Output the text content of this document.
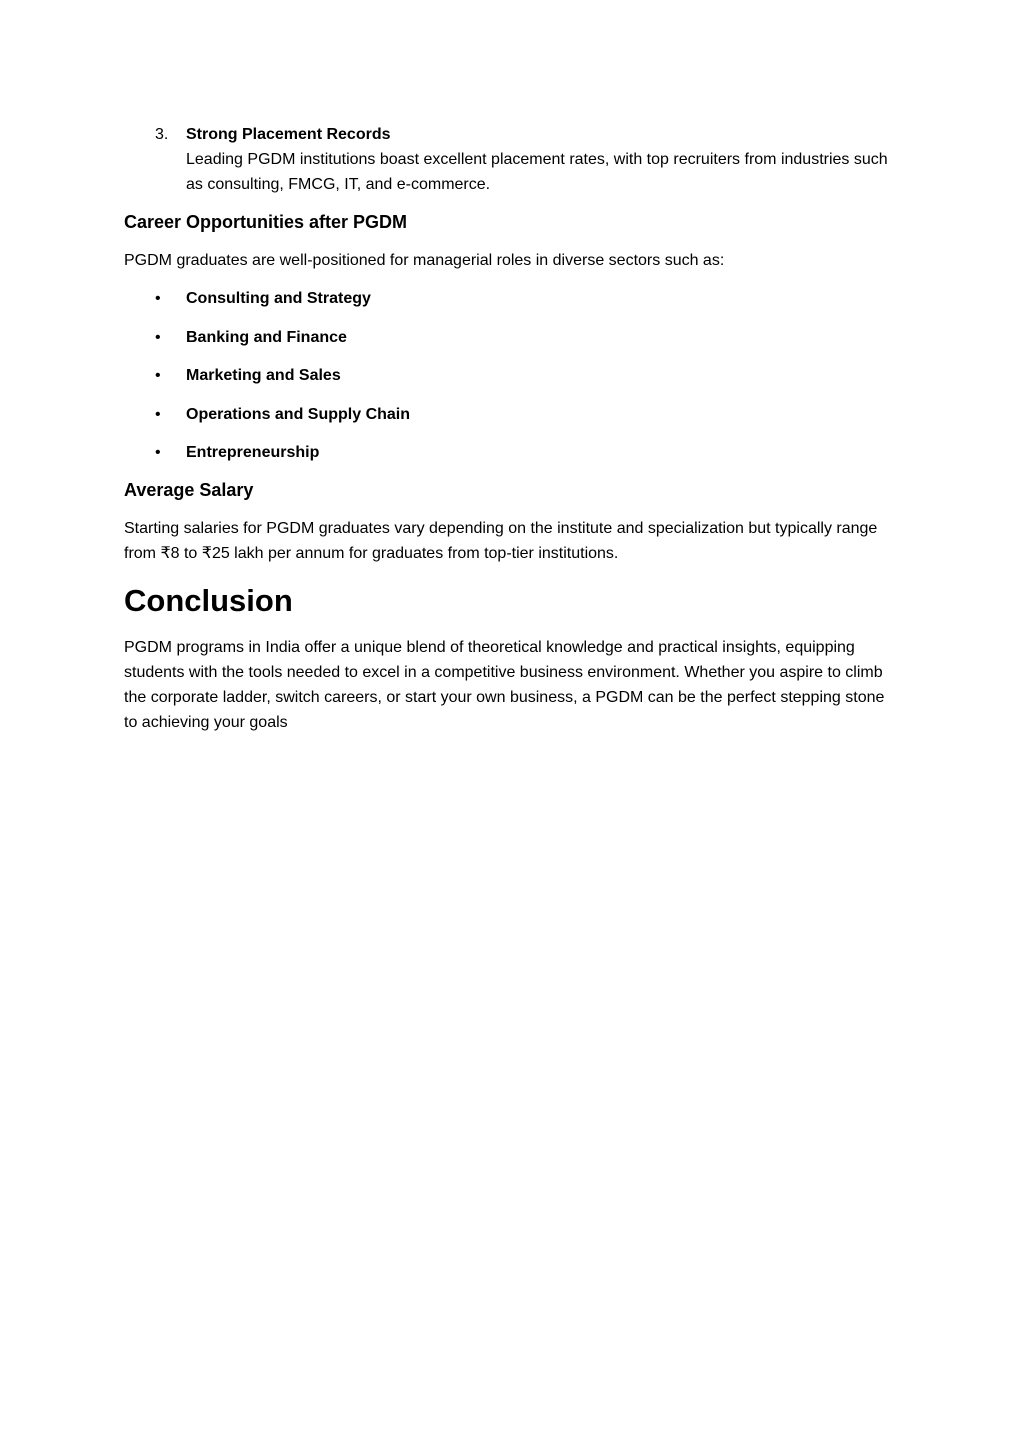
3. Strong Placement Records
Leading PGDM institutions boast excellent placement rates, with top recruiters from industries such as consulting, FMCG, IT, and e-commerce.
Career Opportunities after PGDM

PGDM graduates are well-positioned for managerial roles in diverse sectors such as:

• Consulting and Strategy
• Banking and Finance
• Marketing and Sales
• Operations and Supply Chain
• Entrepreneurship
Average Salary

Starting salaries for PGDM graduates vary depending on the institute and specialization but typically range from ₹8 to ₹25 lakh per annum for graduates from top-tier institutions.

Conclusion

PGDM programs in India offer a unique blend of theoretical knowledge and practical insights, equipping students with the tools needed to excel in a competitive business environment. Whether you aspire to climb the corporate ladder, switch careers, or start your own business, a PGDM can be the perfect stepping stone to achieving your goals
